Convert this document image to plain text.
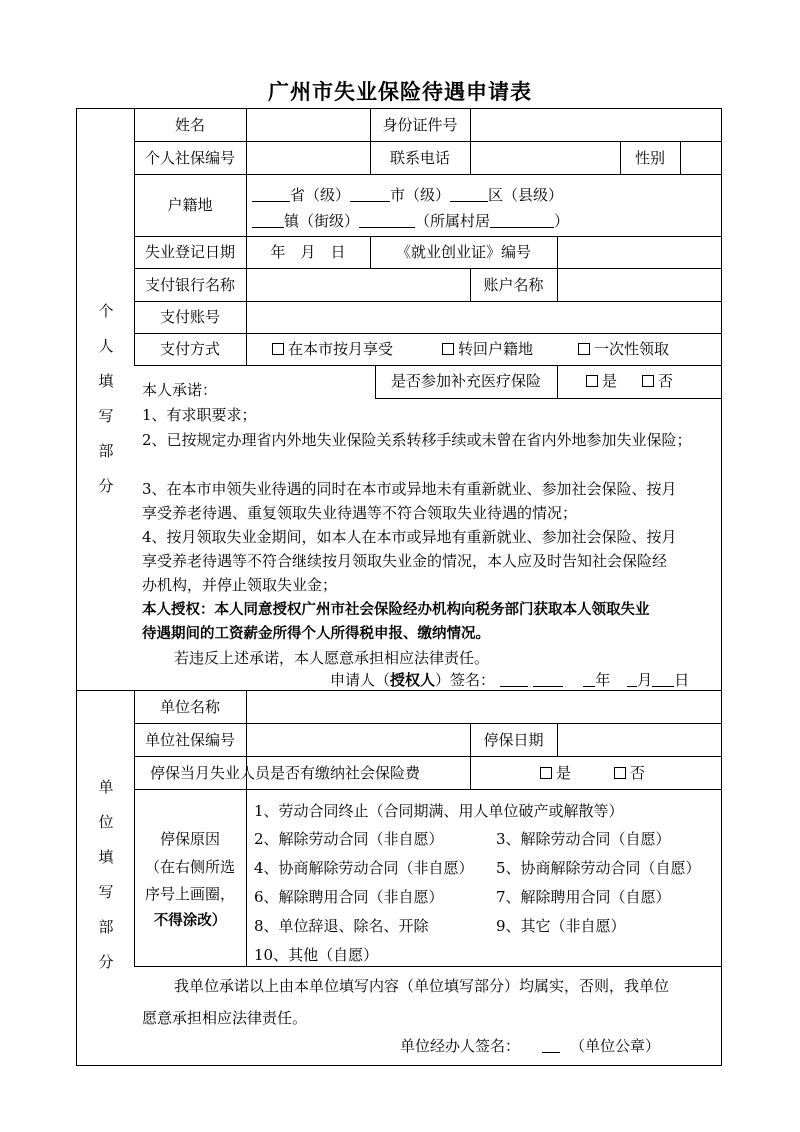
广州市失业保险待遇申请表
个
人
填
写
部
分
单
位
填
写
部
分
姓名	身份证件号
个人社保编号	联系电话	性别
户籍地
省（级）	市（级）	区（县级）
镇（街级）	（所属村居	）
失业登记日期	年　月　日	《就业创业证》编号
支付银行名称	账户名称
支付账号
支付方式	在本市按月享受	转回户籍地	一次性领取
是否参加补充医疗保险	是	否
本人承诺：
1、有求职要求；
2、已按规定办理省内外地失业保险关系转移手续或未曾在省内外地参加失业保险；
3、在本市申领失业待遇的同时在本市或异地未有重新就业、参加社会保险、按月
享受养老待遇、重复领取失业待遇等不符合领取失业待遇的情况；
4、按月领取失业金期间，如本人在本市或异地有重新就业、参加社会保险、按月
享受养老待遇等不符合继续按月领取失业金的情况，本人应及时告知社会保险经
办机构，并停止领取失业金；
本人授权：本人同意授权广州市社会保险经办机构向税务部门获取本人领取失业
待遇期间的工资薪金所得个人所得税申报、缴纳情况。
若违反上述承诺，本人愿意承担相应法律责任。
申请人（授权人）签名：	年 月 日
单位名称
单位社保编号	停保日期
停保当月失业人员是否有缴纳社会保险费	是	否
停保原因
（在右侧所选
序号上画圈，
不得涂改）
1、劳动合同终止（合同期满、用人单位破产或解散等）
2、解除劳动合同（非自愿）	3、解除劳动合同（自愿）
4、协商解除劳动合同（非自愿） 5、协商解除劳动合同（自愿）
6、解除聘用合同（非自愿）	7、解除聘用合同（自愿）
8、单位辞退、除名、开除	9、其它（非自愿）
10、其他（自愿）
我单位承诺以上由本单位填写内容（单位填写部分）均属实，否则，我单位
愿意承担相应法律责任。
单位经办人签名：	（单位公章）
